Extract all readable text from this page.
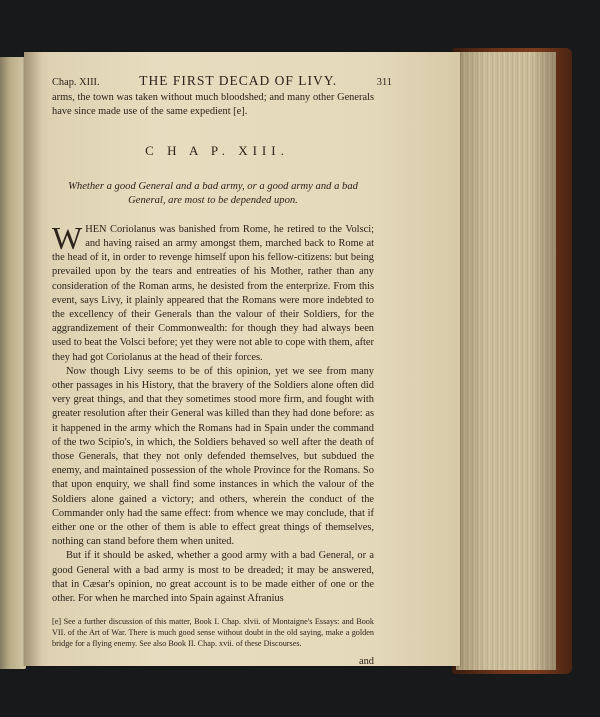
Chap. XIII.	THE FIRST DECAD OF LIVY.	311

arms, the town was taken without much bloodshed; and many other Generals have since made use of the same expedient [e].

C H A P. XIII.
Whether a good General and a bad army, or a good army and a bad General, are most to be depended upon.

WHEN Coriolanus was banished from Rome, he retired to the Volsci; and having raised an army amongst them, marched back to Rome at the head of it, in order to revenge himself upon his fellow-citizens: but being prevailed upon by the tears and entreaties of his Mother, rather than any consideration of the Roman arms, he desisted from the enterprize. From this event, says Livy, it plainly appeared that the Romans were more indebted to the excellency of their Generals than the valour of their Soldiers, for the aggrandizement of their Commonwealth: for though they had always been used to beat the Volsci before; yet they were not able to cope with them, after they had got Coriolanus at the head of their forces.

Now though Livy seems to be of this opinion, yet we see from many other passages in his History, that the bravery of the Soldiers alone often did very great things, and that they sometimes stood more firm, and fought with greater resolution after their General was killed than they had done before: as it happened in the army which the Romans had in Spain under the command of the two Scipio's, in which, the Soldiers behaved so well after the death of those Generals, that they not only defended themselves, but subdued the enemy, and maintained possession of the whole Province for the Romans. So that upon enquiry, we shall find some instances in which the valour of the Soldiers alone gained a victory; and others, wherein the conduct of the Commander only had the same effect: from whence we may conclude, that if either one or the other of them is able to effect great things of themselves, nothing can stand before them when united.

But if it should be asked, whether a good army with a bad General, or a good General with a bad army is most to be dreaded; it may be answered, that in Cæsar's opinion, no great account is to be made either of one or the other. For when he marched into Spain against Afranius

[e] See a further discussion of this matter, Book I. Chap. xlvii. of Montaigne's Essays: and Book VII. of the Art of War. There is much good sense without doubt in the old saying, make a golden bridge for a flying enemy. See also Book II. Chap. xvii. of these Discourses.
and
